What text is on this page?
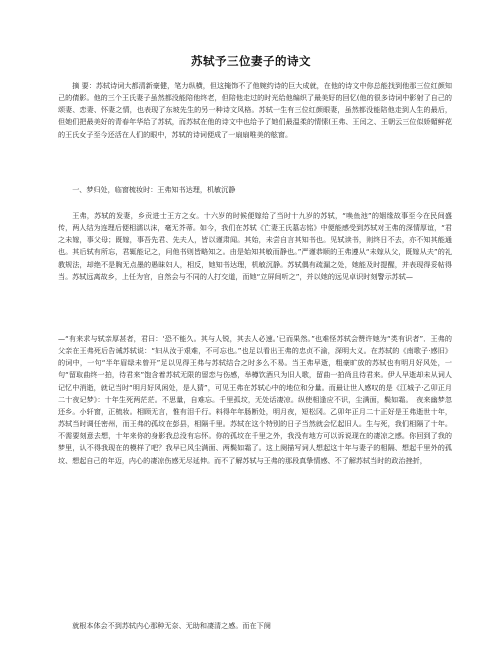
苏轼予三位妻子的诗文

摘 要：苏轼诗词大都清新豪健，笔力纵横，但这掩饰不了他婉约诗的巨大成就，在他的诗文中你总能找到他那三位红颜知己的倩影。他的三个王氏妻子虽然都没能陪他终老，但陪他走过的时光给他编织了最美好的回忆(他的很多诗词中影射了自己的颂妻、恋妻、怀妻之情，也表现了东坡先生的另一种诗文风格。苏轼一生有三位红颜眼妻，虽然都没能陪他走到人生的最后，但她们把最美好的青春年华给了苏轼，而苏轼在他的诗文中也给予了她们最温柔的情愫(王弗、王闰之、王朝云三位似娇媚鲜花的王氏女子至今还活在人们的眼中，苏轼的诗词便成了一扇扇唯美的舷窗。

一、梦归处，临窗梳妆时：王弗知书达理，机敏沉静

王弗，苏轼的发妻，乡贡进士王方之女。十六岁的时候便嫁给了当时十九岁的苏轼，“唤鱼池”的姻缘故事至今在民间盛传，两人结为连理后便相濡以沫，毫无芥蒂。如今，我们在苏轼《亡妻王氏墓志铭》中便能感受到苏轼对王弗的深情厚谊，“君之未嫁，事父母；既嫁，事吾先君、先夫人，皆以谨肃闻。其始，未尝自言其知书也。见轼读书，则终日不去，亦不知其能通也。其后轼有所忘，君辄能记之，问他书则皆略知之。由是始知其敏而静也。”严谨恭顺的王弗遵从“未嫁从父，既嫁从夫”的礼教规法，却绝不是胸无点墨的愚昧妇人，相反，她知书达理，机敏沉静。苏轼偶有疏漏之处，她能及时提醒，并表现得妥帖得当。苏轼远离故乡，上任为官，自然会与不同的人打交道，而她“立屏间听之”，并以她的远见卓识时刻警示苏轼—

—“有来求与轼亲厚甚者，君曰：‘恐不能久。其与人锐，其去人必速。’已而果然。”也难怪苏轼会赞许她为“类有识者”．王弗的父亲在王弗死后告诫苏轼说：“妇从汝于艰难，不可忘也。”也足以看出王弗的忠贞不渝，深明大义。在苏轼的《南歌子·感旧》的词中，一句“半年眉绿未曾开”足以见得王弗与苏轼结合之时多么不易。当王弗早逝，粗豪旷放的苏轼也有明月好风处，一句“留取曲终一拍，待君来”饱含着苏轼无限的留恋与伤感，举樽饮酒只为旧人歌，留曲一拍尚且待君来。伊人早逝却未从词人记忆中消逝，就记当时“明月好风闲处，是人猜”，可见王弗在苏轼心中的地位和分量。而最让世人感叹的是《江城子·乙卯正月二十夜记梦》：十年生死两茫茫。不思量，自难忘。千里孤坟，无处话凄凉。纵使相逢应不识，尘满面，鬓如霜。　夜来幽梦忽还乡。小轩窗，正梳妆。相顾无言，惟有泪千行。料得年年肠断处，明月夜，短松冈。乙卯年正月二十正好是王弗逝世十年，苏轼当时调任密州，而王弗的孤坟在彭县，相隔千里。苏轼在这个特别的日子当然就会忆起旧人。生与死，我们相隔了十年。不需要刻意去想，十年来你的身影我总没有忘怀。你的孤坟在千里之外，我没有地方可以诉说现在的凄凉之感。你回到了我的梦里，认不得我现在的模样了吧？我早已风尘满面、两鬓如霜了。这上阕描写词人想起这十年与妻子的相隔、想起千里外的孤坟、想起自己的年迈，内心的凄凉伤感无尽延伸。而不了解苏轼与王弗的那段真挚情感、不了解苏轼当时的政治挫折，

就根本体会不到苏轼内心那种无奈、无助和凄清之感。而在下阕
